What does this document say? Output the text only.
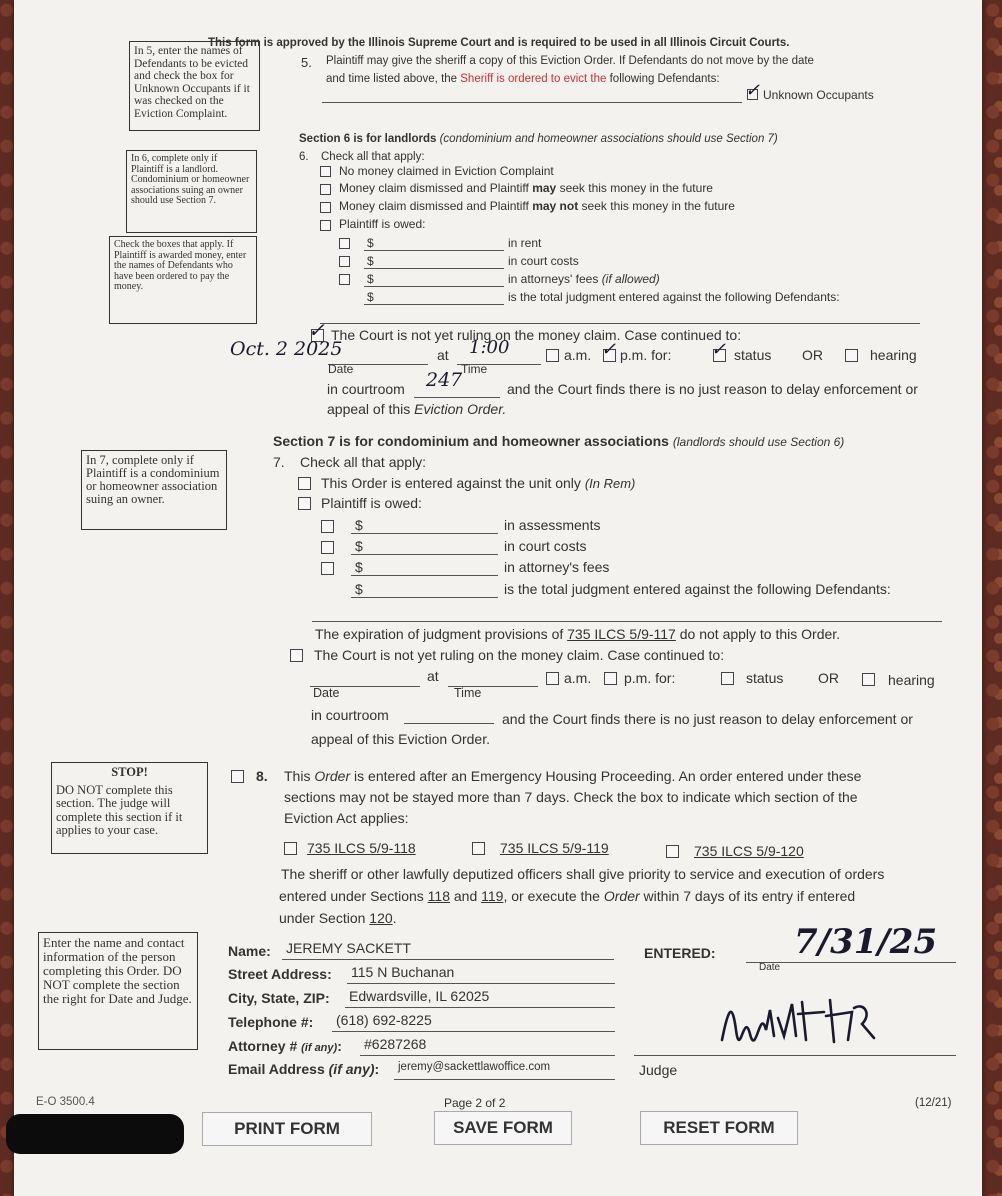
This form is approved by the Illinois Supreme Court and is required to be used in all Illinois Circuit Courts.
In 5, enter the names of Defendants to be evicted and check the box for Unknown Occupants if it was checked on the Eviction Complaint.
5. Plaintiff may give the sheriff a copy of this Eviction Order. If Defendants do not move by the date
and time listed above, the Sheriff is ordered to evict the following Defendants:
✓ Unknown Occupants
Section 6 is for landlords (condominium and homeowner associations should use Section 7)
6. Check all that apply:
In 6, complete only if Plaintiff is a landlord. Condominium or homeowner associations suing an owner should use Section 7.
Check the boxes that apply. If Plaintiff is awarded money, enter the names of Defendants who have been ordered to pay the money.
No money claimed in Eviction Complaint
Money claim dismissed and Plaintiff may seek this money in the future
Money claim dismissed and Plaintiff may not seek this money in the future
Plaintiff is owed:
$	in rent
$	in court costs
$	in attorneys' fees (if allowed)
$	is the total judgment entered against the following Defendants:
✓ The Court is not yet ruling on the money claim. Case continued to:
Oct. 2 2025	at 1:00
Date	Time
a.m. ✓ p.m. for: ✓ status OR	hearing
in courtroom 247	and the Court finds there is no just reason to delay enforcement or
appeal of this Eviction Order.
Section 7 is for condominium and homeowner associations (landlords should use Section 6)
7. Check all that apply:
In 7, complete only if Plaintiff is a condominium or homeowner association suing an owner.
This Order is entered against the unit only (In Rem)
Plaintiff is owed:
$	in assessments
$	in court costs
$	in attorney's fees
$	is the total judgment entered against the following Defendants:
The expiration of judgment provisions of 735 ILCS 5/9-117 do not apply to this Order.
The Court is not yet ruling on the money claim. Case continued to:
at
Date	Time
a.m. p.m. for:	status OR	hearing
in courtroom	and the Court finds there is no just reason to delay enforcement or
appeal of this Eviction Order.
STOP!
DO NOT complete this section. The judge will complete this section if it applies to your case.
8. This Order is entered after an Emergency Housing Proceeding. An order entered under these
sections may not be stayed more than 7 days. Check the box to indicate which section of the
Eviction Act applies:
735 ILCS 5/9-118	735 ILCS 5/9-119	735 ILCS 5/9-120
The sheriff or other lawfully deputized officers shall give priority to service and execution of orders
entered under Sections 118 and 119, or execute the Order within 7 days of its entry if entered
under Section 120.
Enter the name and contact information of the person completing this Order. DO NOT complete the section the right for Date and Judge.
Name: JEREMY SACKETT
Street Address: 115 N Buchanan
City, State, ZIP: Edwardsville, IL 62025
Telephone #: (618) 692-8225
Attorney # (if any): #6287268
Email Address (if any): jeremy@sackettlawoffice.com
ENTERED: 7/31/25
Date
Judge
E-O 3500.4	Page 2 of 2	(12/21)
PRINT FORM	SAVE FORM	RESET FORM
